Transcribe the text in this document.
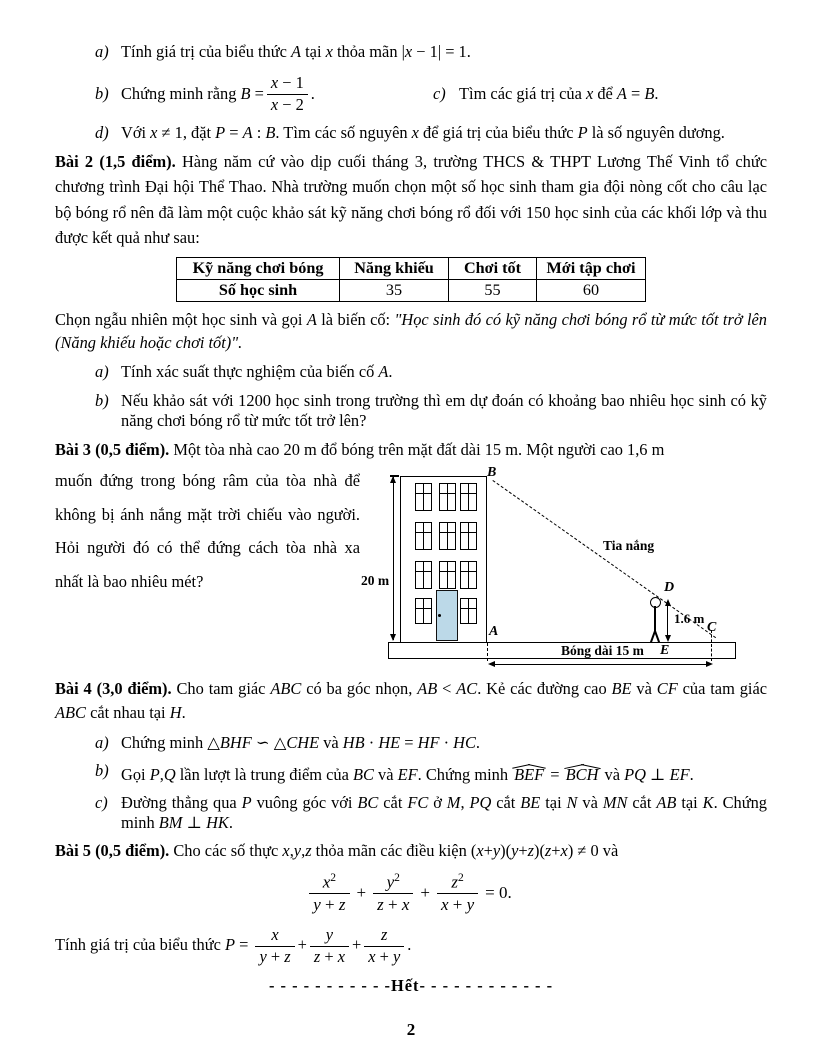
a) Tính giá trị của biểu thức A tại x thỏa mãn |x − 1| = 1.
b) Chứng minh rằng $B = \frac{x - 1}{x - 2}$ .	c) Tìm các giá trị của x để A = B.
d) Với x ≠ 1, đặt P = A : B. Tìm các số nguyên x để giá trị của biểu thức P là số nguyên dương.

Bài 2 (1,5 điểm). Hàng năm cứ vào dịp cuối tháng 3, trường THCS & THPT Lương Thế Vinh tổ chức chương trình Đại hội Thể Thao. Nhà trường muốn chọn một số học sinh tham gia đội nòng cốt cho câu lạc bộ bóng rổ nên đã làm một cuộc khảo sát kỹ năng chơi bóng rổ đối với 150 học sinh của các khối lớp và thu được kết quả như sau:

Kỹ năng chơi bóng	Năng khiếu	Chơi tốt	Mới tập chơi
Số học sinh	35	55	60

Chọn ngẫu nhiên một học sinh và gọi A là biến cố: "Học sinh đó có kỹ năng chơi bóng rổ từ mức tốt trở lên (Năng khiếu hoặc chơi tốt)".

a) Tính xác suất thực nghiệm của biến cố A.
b) Nếu khảo sát với 1200 học sinh trong trường thì em dự đoán có khoảng bao nhiêu học sinh có kỹ năng chơi bóng rổ từ mức tốt trở lên?

Bài 3 (0,5 điểm). Một tòa nhà cao 20 m đổ bóng trên mặt đất dài 15 m. Một người cao 1,6 m

muốn đứng trong bóng râm của tòa nhà để không bị ánh nắng mặt trời chiếu vào người. Hỏi người đó có thể đứng cách tòa nhà xa nhất là bao nhiêu mét?	20 m
B
Tia nắng
A
D
1.6 m
C
Bóng dài 15 m E

Bài 4 (3,0 điểm). Cho tam giác ABC có ba góc nhọn, AB < AC. Kẻ các đường cao BE và CF của tam giác ABC cắt nhau tại H.

a) Chứng minh △BHF ∽ △CHE và HB · HE = HF · HC.
b) Gọi P,Q lần lượt là trung điểm của BC và EF. Chứng minh BEF = BCH và PQ ⊥ EF.
c) Đường thẳng qua P vuông góc với BC cắt FC ở M, PQ cắt BE tại N và MN cắt AB tại K. Chứng minh BM ⊥ HK.

Bài 5 (0,5 điểm). Cho các số thực x,y,z thỏa mãn các điều kiện (x+y)(y+z)(z+x) ≠ 0 và

$\frac{x^2}{y + z} + \frac{y^2}{z + x} + \frac{z^2}{x + y} = 0$.

Tính giá trị của biểu thức $P = \frac{x}{y + z} + \frac{y}{z + x} + \frac{z}{x + y}$ .

- - - - - - - - - - -Hết- - - - - - - - - - - -

2
